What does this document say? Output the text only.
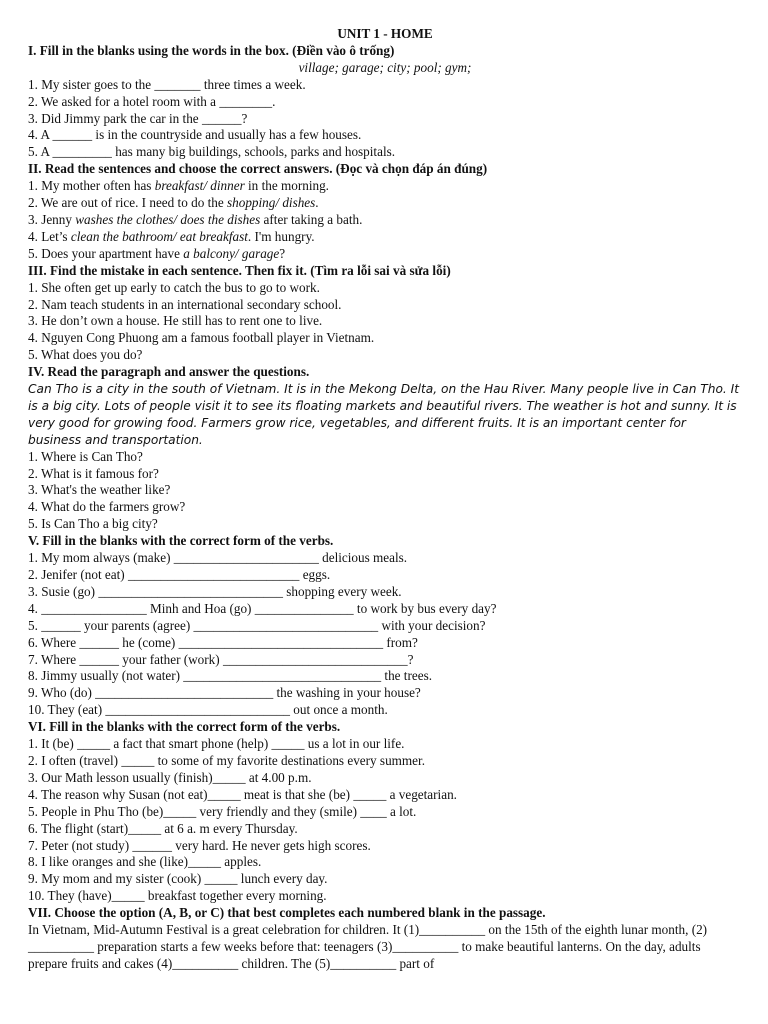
UNIT 1 - HOME

I. Fill in the blanks using the words in the box. (Điền vào ô trống)

village; garage; city; pool; gym;

1. My sister goes to the _______ three times a week.

2. We asked for a hotel room with a ________.

3. Did Jimmy park the car in the ______?

4. A ______ is in the countryside and usually has a few houses.

5. A _________ has many big buildings, schools, parks and hospitals.

II. Read the sentences and choose the correct answers. (Đọc và chọn đáp án đúng)

1. My mother often has breakfast/ dinner in the morning.

2. We are out of rice. I need to do the shopping/ dishes.

3. Jenny washes the clothes/ does the dishes after taking a bath.

4. Let’s clean the bathroom/ eat breakfast. I'm hungry.

5. Does your apartment have a balcony/ garage?

III. Find the mistake in each sentence. Then fix it. (Tìm ra lỗi sai và sửa lỗi)

1. She often get up early to catch the bus to go to work.

2. Nam teach students in an international secondary school.

3. He don’t own a house. He still has to rent one to live.

4. Nguyen Cong Phuong am a famous football player in Vietnam.

5. What does you do?

IV. Read the paragraph and answer the questions.

Can Tho is a city in the south of Vietnam. It is in the Mekong Delta, on the Hau River. Many people live in Can Tho. It is a big city. Lots of people visit it to see its floating markets and beautiful rivers. The weather is hot and sunny. It is very good for growing food. Farmers grow rice, vegetables, and different fruits. It is an important center for business and transportation.

1. Where is Can Tho?

2. What is it famous for?

3. What's the weather like?

4. What do the farmers grow?

5. Is Can Tho a big city?

V. Fill in the blanks with the correct form of the verbs.

1. My mom always (make) ______________________ delicious meals.

2. Jenifer (not eat) __________________________ eggs.

3. Susie (go) ____________________________ shopping every week.

4. ________________ Minh and Hoa (go) _______________ to work by bus every day?

5. ______ your parents (agree) ____________________________ with your decision?

6. Where ______ he (come) _______________________________ from?

7. Where ______ your father (work) ____________________________?

8. Jimmy usually (not water) ______________________________ the trees.

9. Who (do) ___________________________ the washing in your house?

10. They (eat) ____________________________ out once a month.

VI. Fill in the blanks with the correct form of the verbs.

1. It (be) _____ a fact that smart phone (help) _____ us a lot in our life.

2. I often (travel) _____ to some of my favorite destinations every summer.

3. Our Math lesson usually (finish)_____ at 4.00 p.m.

4. The reason why Susan (not eat)_____ meat is that she (be) _____ a vegetarian.

5. People in Phu Tho (be)_____ very friendly and they (smile) ____ a lot.

6. The flight (start)_____ at 6 a. m every Thursday.

7. Peter (not study) ______ very hard. He never gets high scores.

8. I like oranges and she (like)_____ apples.

9. My mom and my sister (cook) _____ lunch every day.

10. They (have)_____ breakfast together every morning.

VII. Choose the option (A, B, or C) that best completes each numbered blank in the passage.

In Vietnam, Mid-Autumn Festival is a great celebration for children. It (1)__________ on the 15th of the eighth lunar month, (2) __________ preparation starts a few weeks before that: teenagers (3)__________ to make beautiful lanterns. On the day, adults prepare fruits and cakes (4)__________ children. The (5)__________ part of
